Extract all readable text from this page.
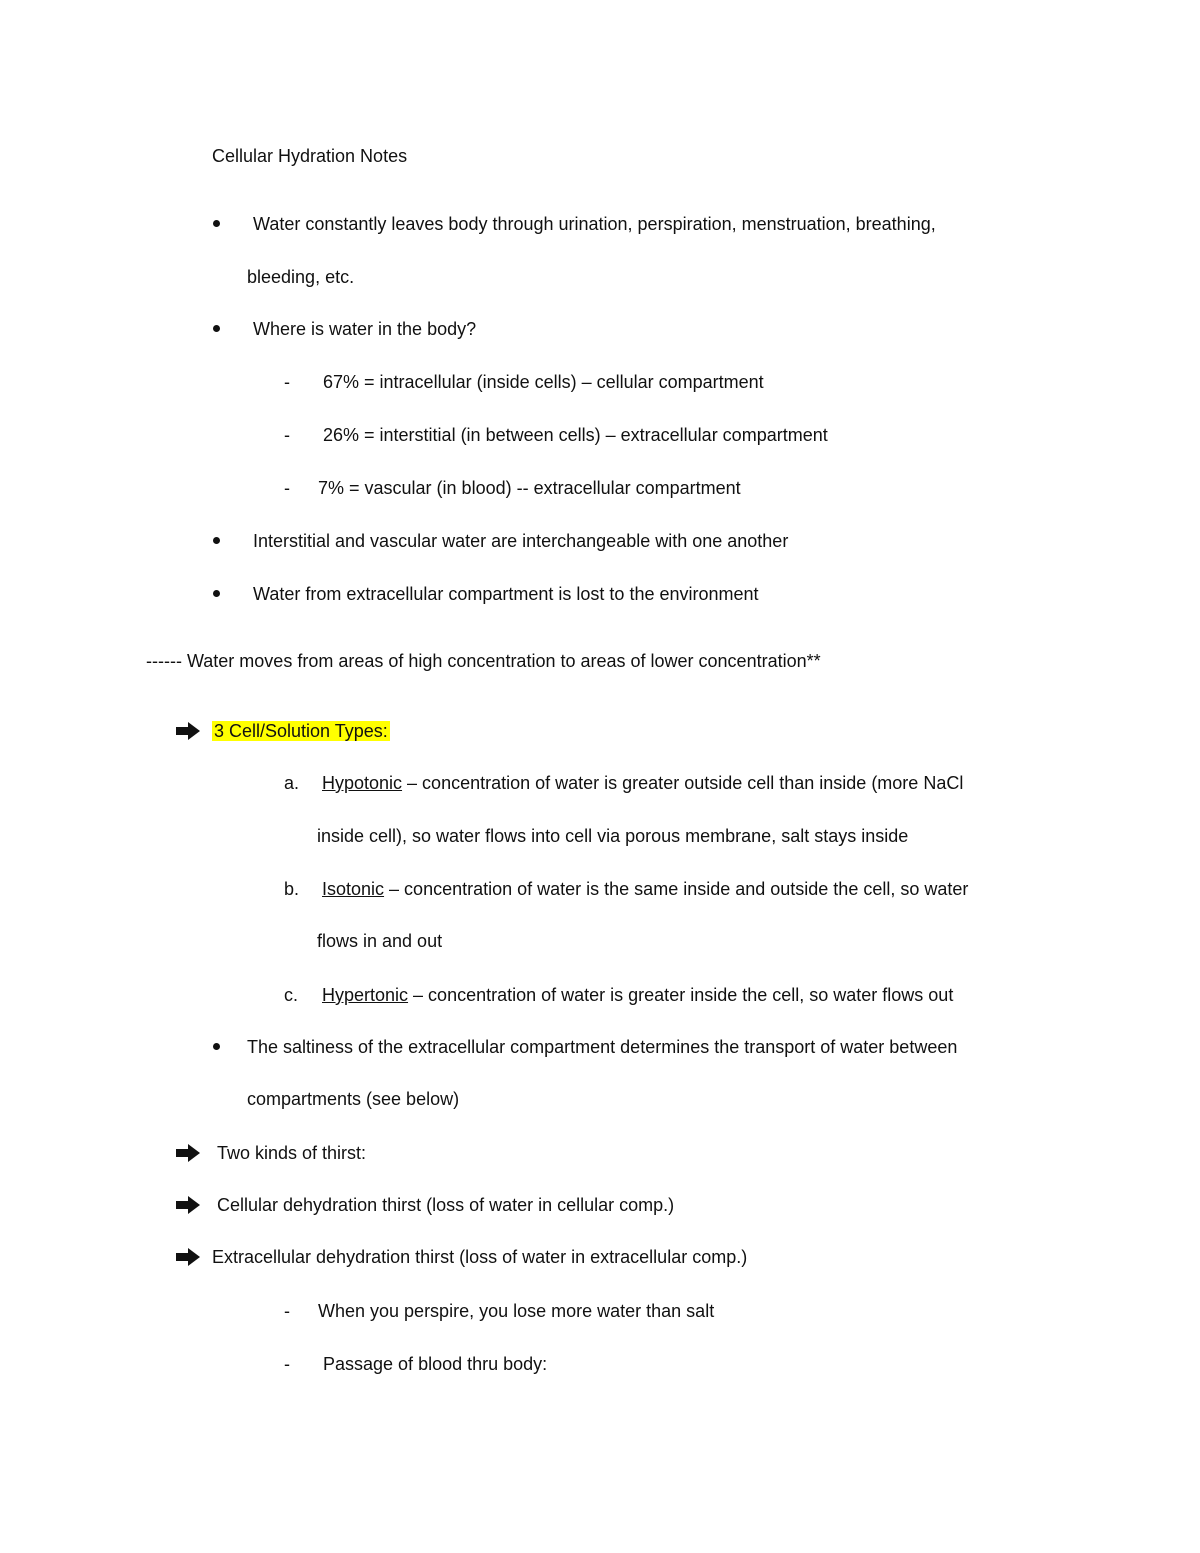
Cellular Hydration Notes
Water constantly leaves body through urination, perspiration, menstruation, breathing,
bleeding, etc.
Where is water in the body?
- 67% = intracellular (inside cells) – cellular compartment
- 26% = interstitial (in between cells) – extracellular compartment
- 7% = vascular (in blood) -- extracellular compartment
Interstitial and vascular water are interchangeable with one another
Water from extracellular compartment is lost to the environment
------ Water moves from areas of high concentration to areas of lower concentration**
3 Cell/Solution Types:
a. Hypotonic – concentration of water is greater outside cell than inside (more NaCl
inside cell), so water flows into cell via porous membrane, salt stays inside
b. Isotonic – concentration of water is the same inside and outside the cell, so water
flows in and out
c. Hypertonic – concentration of water is greater inside the cell, so water flows out
The saltiness of the extracellular compartment determines the transport of water between
compartments (see below)
Two kinds of thirst:
Cellular dehydration thirst (loss of water in cellular comp.)
Extracellular dehydration thirst (loss of water in extracellular comp.)
- When you perspire, you lose more water than salt
- Passage of blood thru body:
